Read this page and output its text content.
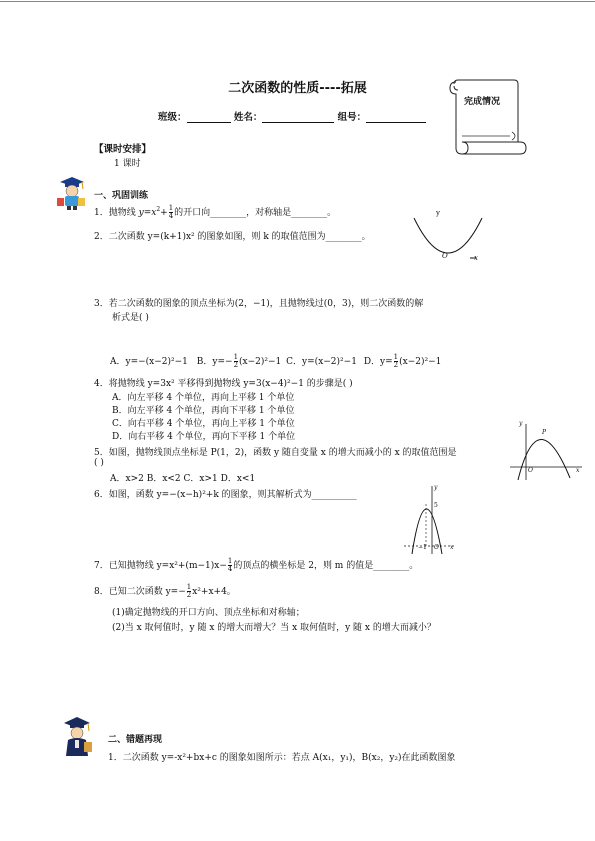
二次函数的性质----拓展
班级：	姓名：	组号：
完成情况
【课时安排】
1 课时
一、巩固训练
1．抛物线 $y=x^2+ \frac{1}{4}$ 的开口向________，对称轴是________。
2．二次函数 y=(k+1)x² 的图象如图，则 k 的取值范围为________。
y
O	x
3．若二次函数的图象的顶点坐标为(2，−1)，且抛物线过(0，3)，则二次函数的解
析式是( )
A．y=−(x−2)²−1 B．$y=- \frac{1}{2} (x-2)^2-1$ C．y=(x−2)²−1 D．$y= \frac{1}{2} (x-2)^2-1$
4．将抛物线 y=3x² 平移得到抛物线 y=3(x−4)²−1 的步骤是( )
A．向左平移 4 个单位，再向上平移 1 个单位
B．向左平移 4 个单位，再向下平移 1 个单位
C．向右平移 4 个单位，再向上平移 1 个单位
D．向右平移 4 个单位，再向下平移 1 个单位
5．如图，抛物线顶点坐标是 P(1，2)，函数 y 随自变量 x 的增大而减小的 x 的取值范围是
( )
A．x>2 B．x<2 C．x>1 D．x<1
y
P
O	x
6．如图，函数 y=−(x−h)²+k 的图象，则其解析式为__________
y
5
−1 O x
7．已知抛物线 $y=x^2+(m-1)x- \frac{1}{4}$ 的顶点的横坐标是 2，则 m 的值是________。
8．已知二次函数 $y=- \frac{1}{2} x^2+x+4$。
(1)确定抛物线的开口方向、顶点坐标和对称轴；
(2)当 x 取何值时，y 随 x 的增大而增大？当 x 取何值时，y 随 x 的增大而减小？
二、错题再现
1．二次函数 y=-x²+bx+c 的图象如图所示：若点 A(x₁，y₁)，B(x₂，y₂)在此函数图象
